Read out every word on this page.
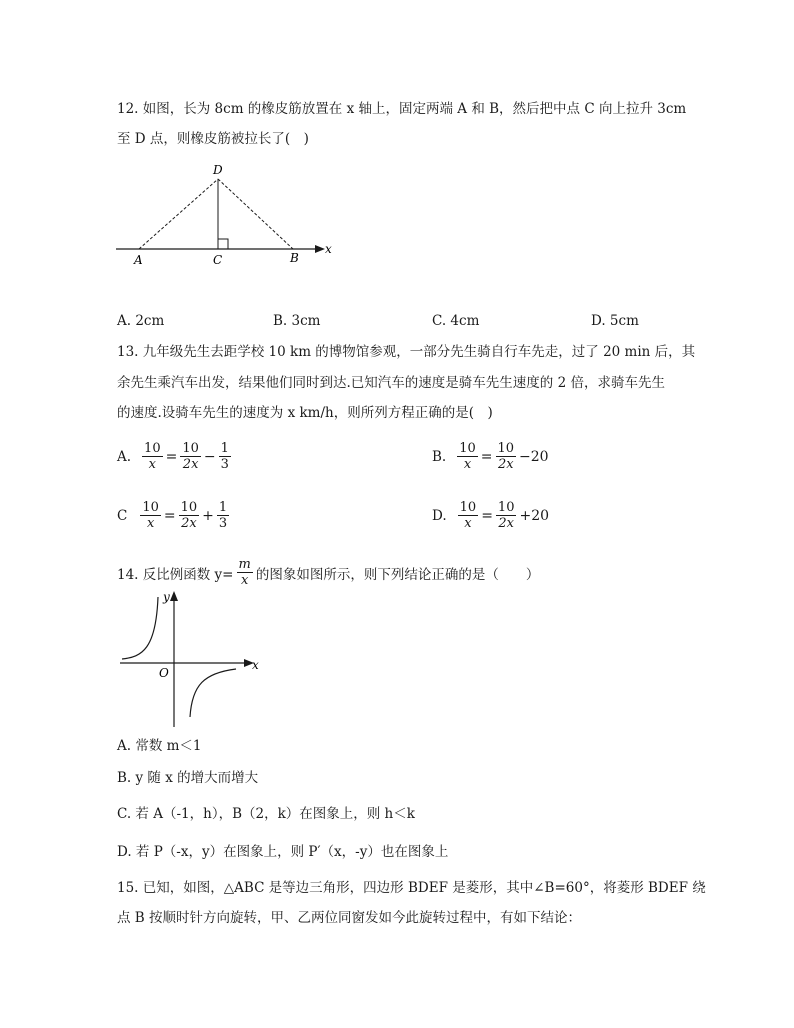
12. 如图，长为 8cm 的橡皮筋放置在 x 轴上，固定两端 A 和 B，然后把中点 C 向上拉升 3cm
至 D 点，则橡皮筋被拉长了(　)
D
A	C	B
x
A. 2cm	B. 3cm	C. 4cm	D. 5cm
13. 九年级先生去距学校 10 km 的博物馆参观，一部分先生骑自行车先走，过了 20 min 后，其
余先生乘汽车出发，结果他们同时到达.已知汽车的速度是骑车先生速度的 2 倍，求骑车先生
的速度.设骑车先生的速度为 x km/h，则所列方程正确的是(　)
A. $\frac{10}{x} = \frac{10}{2x} - \frac{1}{3}$	B. $\frac{10}{x} = \frac{10}{2x} -20$
C $\frac{10}{x} = \frac{10}{2x} + \frac{1}{3}$	D. $\frac{10}{x} = \frac{10}{2x} +20$
14. 反比例函数 $y= \frac{m}{x}$ 的图象如图所示，则下列结论正确的是（　　）
y
x
O
A. 常数 m＜1
B. y 随 x 的增大而增大
C. 若 A（-1，h），B（2，k）在图象上，则 h＜k
D. 若 P（-x，y）在图象上，则 P′（x，-y）也在图象上
15. 已知，如图，△ABC 是等边三角形，四边形 BDEF 是菱形，其中∠B=60°，将菱形 BDEF 绕
点 B 按顺时针方向旋转，甲、乙两位同窗发如今此旋转过程中，有如下结论：
